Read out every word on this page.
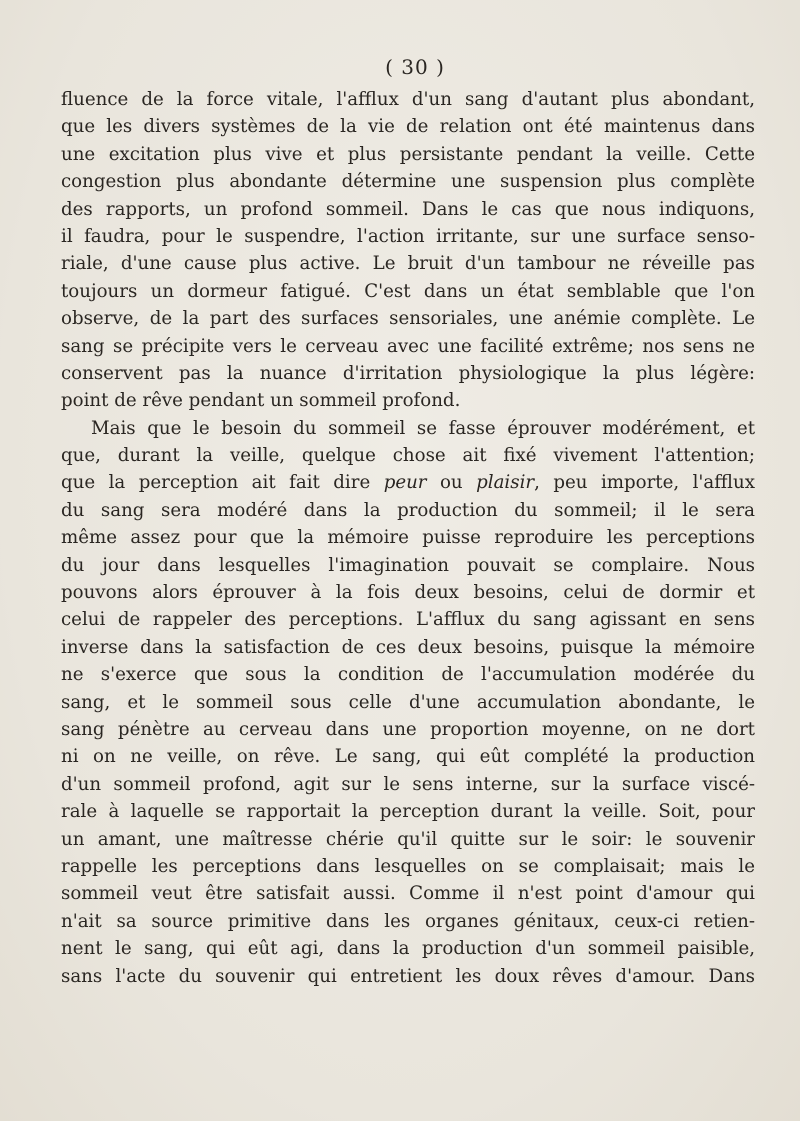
( 30 )
fluence de la force vitale, l'afflux d'un sang d'autant plus abondant,
que les divers systèmes de la vie de relation ont été maintenus dans
une excitation plus vive et plus persistante pendant la veille. Cette
congestion plus abondante détermine une suspension plus complète
des rapports, un profond sommeil. Dans le cas que nous indiquons,
il faudra, pour le suspendre, l'action irritante, sur une surface senso-
riale, d'une cause plus active. Le bruit d'un tambour ne réveille pas
toujours un dormeur fatigué. C'est dans un état semblable que l'on
observe, de la part des surfaces sensoriales, une anémie complète. Le
sang se précipite vers le cerveau avec une facilité extrême; nos sens ne
conservent pas la nuance d'irritation physiologique la plus légère:
point de rêve pendant un sommeil profond.
Mais que le besoin du sommeil se fasse éprouver modérément, et
que, durant la veille, quelque chose ait fixé vivement l'attention;
que la perception ait fait dire peur ou plaisir, peu importe, l'afflux
du sang sera modéré dans la production du sommeil; il le sera
même assez pour que la mémoire puisse reproduire les perceptions
du jour dans lesquelles l'imagination pouvait se complaire. Nous
pouvons alors éprouver à la fois deux besoins, celui de dormir et
celui de rappeler des perceptions. L'afflux du sang agissant en sens
inverse dans la satisfaction de ces deux besoins, puisque la mémoire
ne s'exerce que sous la condition de l'accumulation modérée du
sang, et le sommeil sous celle d'une accumulation abondante, le
sang pénètre au cerveau dans une proportion moyenne, on ne dort
ni on ne veille, on rêve. Le sang, qui eût complété la production
d'un sommeil profond, agit sur le sens interne, sur la surface viscé-
rale à laquelle se rapportait la perception durant la veille. Soit, pour
un amant, une maîtresse chérie qu'il quitte sur le soir: le souvenir
rappelle les perceptions dans lesquelles on se complaisait; mais le
sommeil veut être satisfait aussi. Comme il n'est point d'amour qui
n'ait sa source primitive dans les organes génitaux, ceux-ci retien-
nent le sang, qui eût agi, dans la production d'un sommeil paisible,
sans l'acte du souvenir qui entretient les doux rêves d'amour. Dans
